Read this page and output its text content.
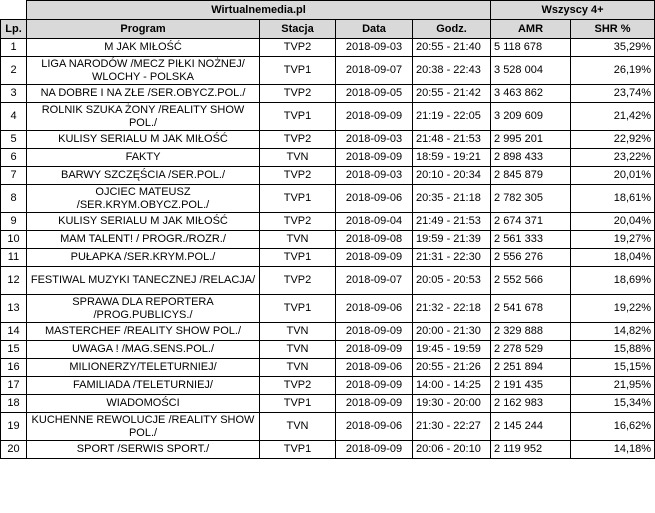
	Wirtualnemedia.pl				Wszyscy 4+	
Lp.	Program	Stacja	Data	Godz.	AMR	SHR %
1	M JAK MIŁOŚĆ	TVP2	2018-09-03	20:55 - 21:40	5 118 678	35,29%
2	LIGA NARODÓW /MECZ PIŁKI NOŻNEJ/ WLOCHY - POLSKA	TVP1	2018-09-07	20:38 - 22:43	3 528 004	26,19%
3	NA DOBRE I NA ZŁE /SER.OBYCZ.POL./	TVP2	2018-09-05	20:55 - 21:42	3 463 862	23,74%
4	ROLNIK SZUKA ŻONY /REALITY SHOW POL./	TVP1	2018-09-09	21:19 - 22:05	3 209 609	21,42%
5	KULISY SERIALU M JAK MIŁOŚĆ	TVP2	2018-09-03	21:48 - 21:53	2 995 201	22,92%
6	FAKTY	TVN	2018-09-09	18:59 - 19:21	2 898 433	23,22%
7	BARWY SZCZĘŚCIA /SER.POL./	TVP2	2018-09-03	20:10 - 20:34	2 845 879	20,01%
8	OJCIEC MATEUSZ /SER.KRYM.OBYCZ.POL./	TVP1	2018-09-06	20:35 - 21:18	2 782 305	18,61%
9	KULISY SERIALU M JAK MIŁOŚĆ	TVP2	2018-09-04	21:49 - 21:53	2 674 371	20,04%
10	MAM TALENT! / PROGR./ROZR./	TVN	2018-09-08	19:59 - 21:39	2 561 333	19,27%
11	PUŁAPKA /SER.KRYM.POL./	TVP1	2018-09-09	21:31 - 22:30	2 556 276	18,04%
12	FESTIWAL MUZYKI TANECZNEJ /RELACJA/	TVP2	2018-09-07	20:05 - 20:53	2 552 566	18,69%
13	SPRAWA DLA REPORTERA /PROG.PUBLICYS./	TVP1	2018-09-06	21:32 - 22:18	2 541 678	19,22%
14	MASTERCHEF /REALITY SHOW POL./	TVN	2018-09-09	20:00 - 21:30	2 329 888	14,82%
15	UWAGA ! /MAG.SENS.POL./	TVN	2018-09-09	19:45 - 19:59	2 278 529	15,88%
16	MILIONERZY/TELETURNIEJ/	TVN	2018-09-06	20:55 - 21:26	2 251 894	15,15%
17	FAMILIADA /TELETURNIEJ/	TVP2	2018-09-09	14:00 - 14:25	2 191 435	21,95%
18	WIADOMOŚCI	TVP1	2018-09-09	19:30 - 20:00	2 162 983	15,34%
19	KUCHENNE REWOLUCJE /REALITY SHOW POL./	TVN	2018-09-06	21:30 - 22:27	2 145 244	16,62%
20	SPORT /SERWIS SPORT./	TVP1	2018-09-09	20:06 - 20:10	2 119 952	14,18%
